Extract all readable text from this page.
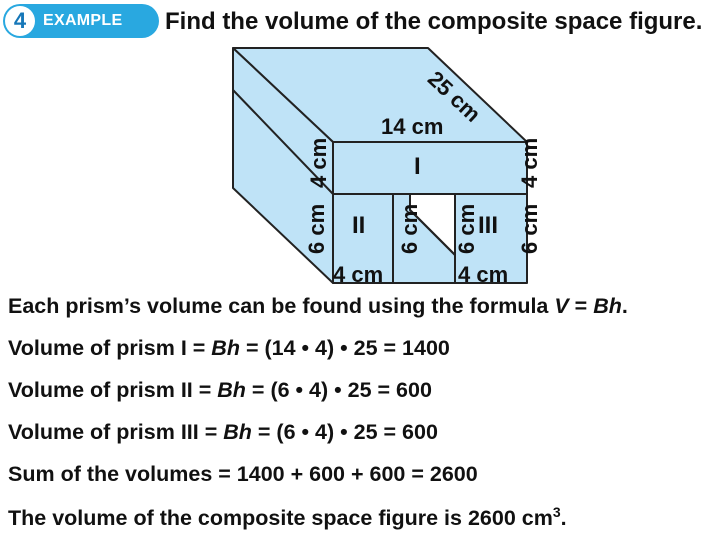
4	EXAMPLE Find the volume of the composite space figure.
25 cm
14 cm
I
II	III
4 cm
6 cm	6 cm 6 cm
4 cm
6 cm
4 cm	4 cm
Each prism’s volume can be found using the formula V = Bh.
Volume of prism I = Bh = (14 • 4) • 25 = 1400
Volume of prism II = Bh = (6 • 4) • 25 = 600
Volume of prism III = Bh = (6 • 4) • 25 = 600
Sum of the volumes = 1400 + 600 + 600 = 2600
The volume of the composite space figure is 2600 $cm^3$.
